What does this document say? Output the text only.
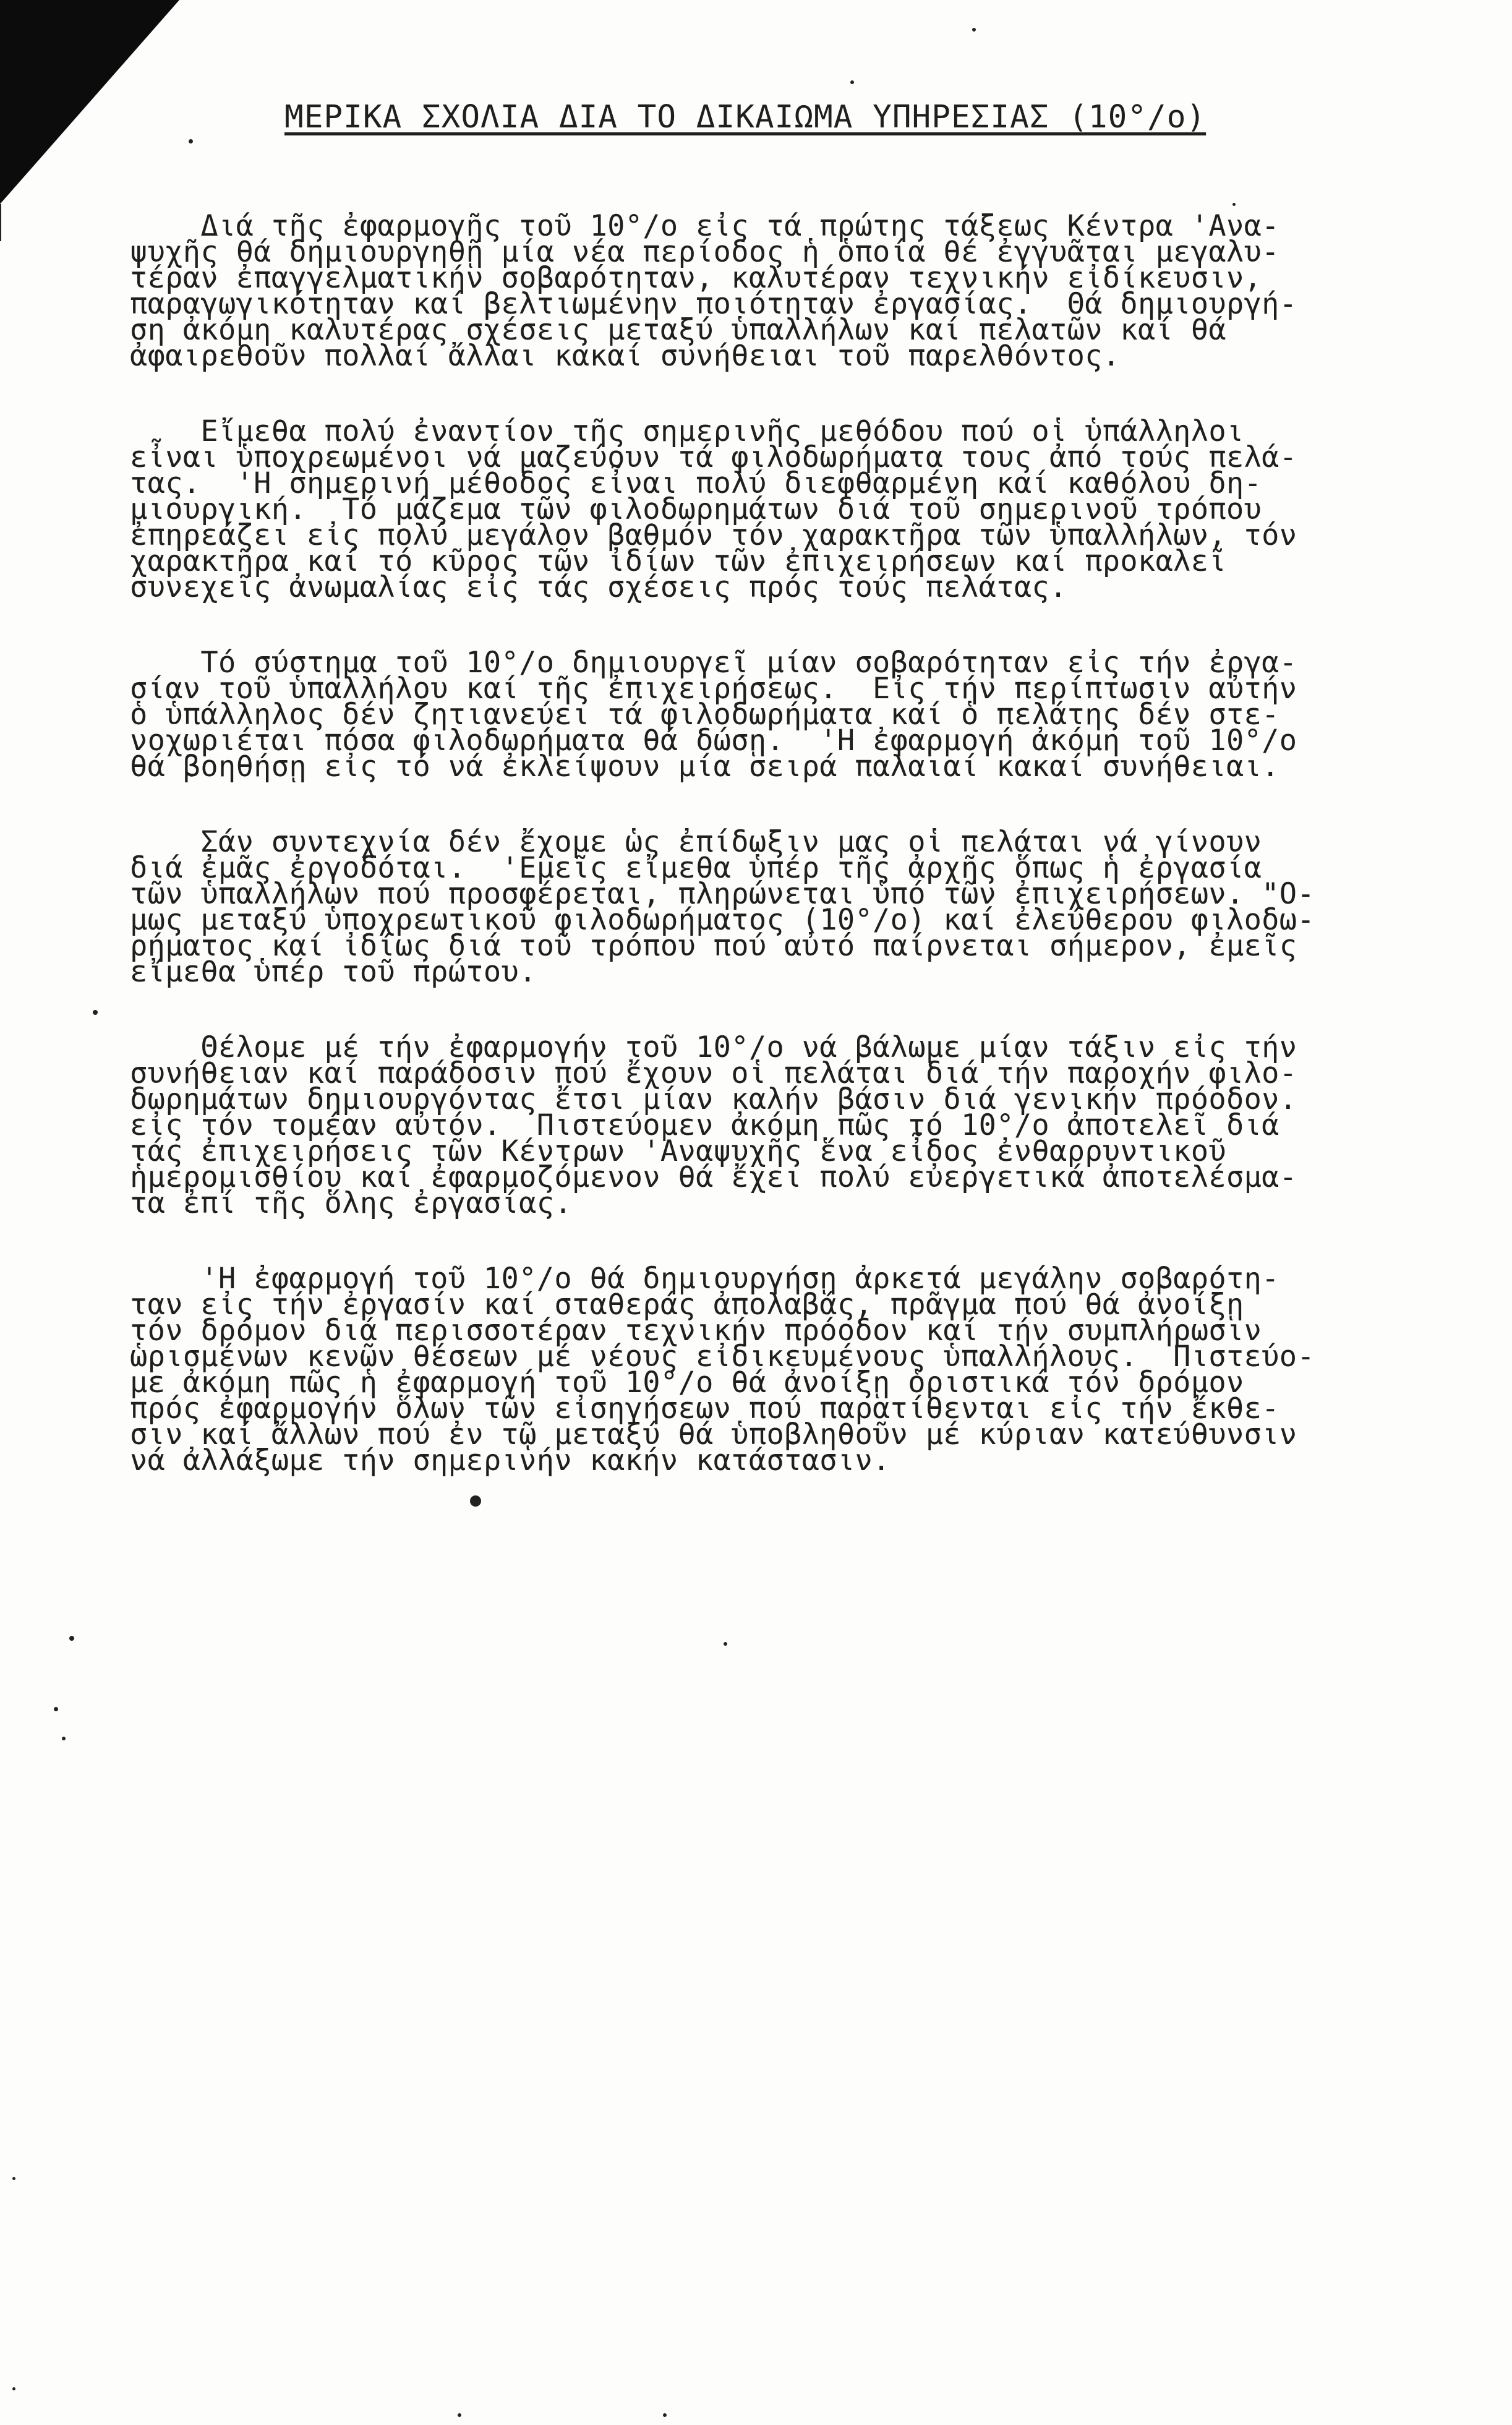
ΜΕΡΙΚΑ ΣΧΟΛΙΑ ΔΙΑ ΤΟ ΔΙΚΑΙΩΜΑ ΥΠΗΡΕΣΙΑΣ (10°/ο)
Διά τῆς ἐφαρμογῆς τοῦ 10°/ο εἰς τά πρώτης τάξεως Κέντρα 'Ανα-
ψυχῆς θά δημιουργηθῇ μία νέα περίοδος ἡ ὁποία θέ ἐγγυᾶται μεγαλυ-
τέραν ἐπαγγελματικήν σοβαρότηταν, καλυτέραν τεχνικήν εἰδίκευσιν,
παραγωγικότηταν καί βελτιωμένην ποιότηταν ἐργασίας.  Θά δημιουργή-
ση ἀκόμη καλυτέρας σχέσεις μεταξύ ὑπαλλήλων καί πελατῶν καί θά
ἀφαιρεθοῦν πολλαί ἄλλαι κακαί συνήθειαι τοῦ παρελθόντος.
Εἴμεθα πολύ ἐναντίον τῆς σημερινῆς μεθόδου πού οἱ ὑπάλληλοι
εἶναι ὑποχρεωμένοι νά μαζεύουν τά φιλοδωρήματα τους ἀπό τούς πελά-
τας.  'Η σημερινή μέθοδος εἶναι πολύ διεφθαρμένη καί καθόλου δη-
μιουργική.  Τό μάζεμα τῶν φιλοδωρημάτων διά τοῦ σημερινοῦ τρόπου
ἐπηρεάζει εἰς πολύ μεγάλον βαθμόν τόν χαρακτῆρα τῶν ὑπαλλήλων, τόν
χαρακτῆρα καί τό κῦρος τῶν ἰδίων τῶν ἐπιχειρήσεων καί προκαλεῖ
συνεχεῖς ἀνωμαλίας εἰς τάς σχέσεις πρός τούς πελάτας.
Τό σύστημα τοῦ 10°/ο δημιουργεῖ μίαν σοβαρότηταν εἰς τήν ἐργα-
σίαν τοῦ ὑπαλλήλου καί τῆς ἐπιχειρήσεως.  Εἰς τήν περίπτωσιν αὐτήν
ὁ ὑπάλληλος δέν ζητιανεύει τά φιλοδωρήματα καί ὁ πελάτης δέν στε-
νοχωριέται πόσα φιλοδωρήματα θά δώσῃ.  'Η ἐφαρμογή ἀκόμη τοῦ 10°/ο
θά βοηθήσῃ εἰς τό νά ἐκλείψουν μία σειρά παλαιαί κακαί συνήθειαι.
Σάν συντεχνία δέν ἔχομε ὡς ἐπίδωξιν μας οἱ πελάται νά γίνουν
διά ἐμᾶς ἐργοδόται.  'Εμεῖς εἴμεθα ὑπέρ τῆς ἀρχῆς ὅπως ἡ ἐργασία
τῶν ὑπαλλήλων πού προσφέρεται, πληρώνεται ὑπό τῶν ἐπιχειρήσεων. "Ο-
μως μεταξύ ὑποχρεωτικοῦ φιλοδωρήματος (10°/ο) καί ἐλεύθερου φιλοδω-
ρήματος καί ἰδίως διά τοῦ τρόπου πού αὐτό παίρνεται σήμερον, ἐμεῖς
εἴμεθα ὑπέρ τοῦ πρώτου.
Θέλομε μέ τήν ἐφαρμογήν τοῦ 10°/ο νά βάλωμε μίαν τάξιν εἰς τήν
συνήθειαν καί παράδοσιν πού ἔχουν οἱ πελάται διά τήν παροχήν φιλο-
δωρημάτων δημιουργόντας ἔτσι μίαν καλήν βάσιν διά γενικήν πρόοδον.
εἰς τόν τομέαν αὐτόν.  Πιστεύομεν ἀκόμη πῶς τό 10°/ο ἀποτελεῖ διά
τάς ἐπιχειρήσεις τῶν Κέντρων 'Αναψυχῆς ἕνα εἶδος ἐνθαρρυντικοῦ
ἡμερομισθίου καί ἐφαρμοζόμενον θά ἔχει πολύ εὐεργετικά ἀποτελέσμα-
τα ἐπί τῆς ὅλης ἐργασίας.
'Η ἐφαρμογή τοῦ 10°/ο θά δημιουργήσῃ ἀρκετά μεγάλην σοβαρότη-
ταν εἰς τήν ἐργασίν καί σταθεράς ἀπολαβάς, πρᾶγμα πού θά ἀνοίξῃ
τόν δρόμον διά περισσοτέραν τεχνικήν πρόοδον καί τήν συμπλήρωσιν
ὡρισμένων κενῶν θέσεων μέ νέους εἰδικευμένους ὑπαλλήλους.  Πιστεύο-
με ἀκόμη πῶς ἡ ἐφαρμογή τοῦ 10°/ο θά ἀνοίξῃ ὁριστικά τόν δρόμον
πρός ἐφαρμογήν ὅλων τῶν εἰσηγήσεων πού παρατίθενται εἰς τήν ἔκθε-
σιν καί ἄλλων πού ἐν τῷ μεταξύ θά ὑποβληθοῦν μέ κύριαν κατεύθυνσιν
νά ἀλλάξωμε τήν σημερινήν κακήν κατάστασιν.
